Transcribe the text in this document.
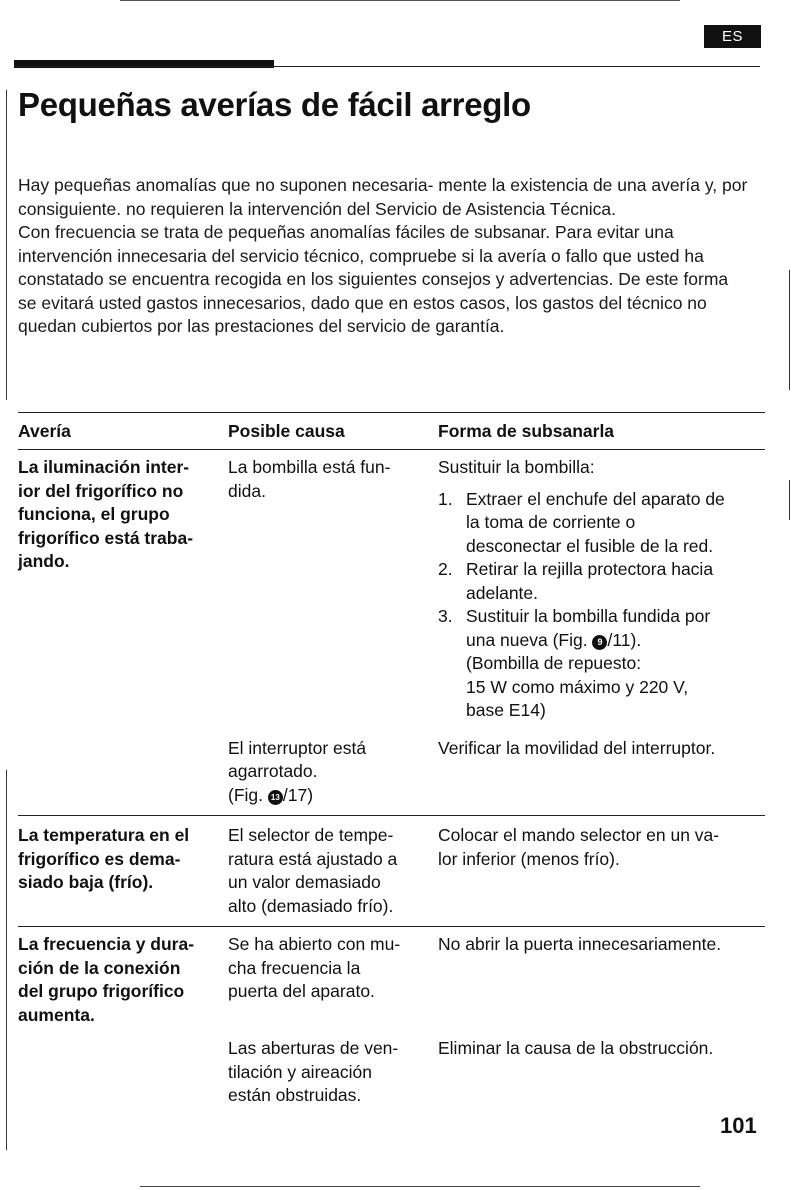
ES
Pequeñas averías de fácil arreglo

Hay pequeñas anomalías que no suponen necesaria- mente la existencia de una avería y, por consiguiente. no requieren la intervención del Servicio de Asistencia Técnica.

Con frecuencia se trata de pequeñas anomalías fáciles de subsanar. Para evitar una intervención innecesaria del servicio técnico, compruebe si la avería o fallo que usted ha constatado se encuentra recogida en los siguientes consejos y advertencias. De este forma se evitará usted gastos innecesarios, dado que en estos casos, los gastos del técnico no quedan cubiertos por las prestaciones del servicio de garantía.

Avería	Posible causa	Forma de subsanarla
La iluminación inter-
ior del frigorífico no
funciona, el grupo
frigorífico está traba-
jando.
La bombilla está fun-
dida.
Sustituir la bombilla:
1. Extraer el enchufe del aparato de
la toma de corriente o
desconectar el fusible de la red.
2. Retirar la rejilla protectora hacia
adelante.
3. Sustituir la bombilla fundida por
una nueva (Fig. 9 /11).
(Bombilla de repuesto:
15 W como máximo y 220 V,
base E14)
El interruptor está
agarrotado.
(Fig. 13 /17)
Verificar la movilidad del interruptor.
La temperatura en el
frigorífico es dema-
siado baja (frío).
El selector de tempe-
ratura está ajustado a
un valor demasiado
alto (demasiado frío).
Colocar el mando selector en un va-
lor inferior (menos frío).
La frecuencia y dura-
ción de la conexión
del grupo frigorífico
aumenta.
Se ha abierto con mu-
cha frecuencia la
puerta del aparato.
No abrir la puerta innecesariamente.
Las aberturas de ven-
tilación y aireación
están obstruidas.
Eliminar la causa de la obstrucción.
101
